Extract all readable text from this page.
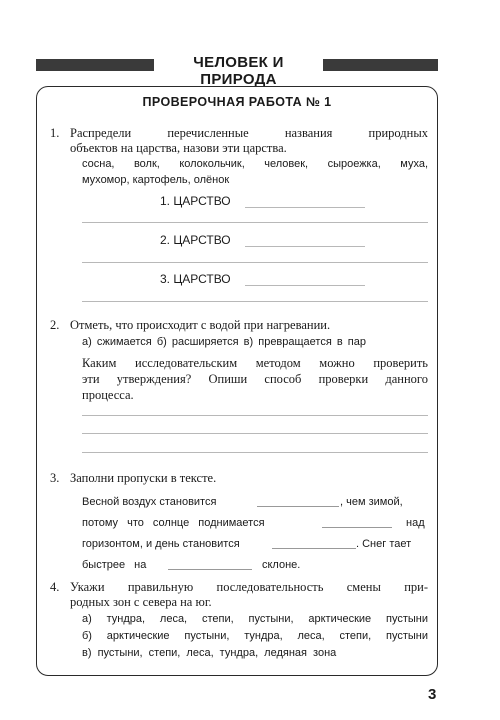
ЧЕЛОВЕК И ПРИРОДА
ПРОВЕРОЧНАЯ РАБОТА № 1
1. Распредели перечисленные названия природных
объектов на царства, назови эти царства.
сосна, волк, колокольчик, человек, сыроежка, муха,
мухомор, картофель, олёнок
1. ЦАРСТВО
2. ЦАРСТВО
3. ЦАРСТВО
2. Отметь, что происходит с водой при нагревании.
а) сжимается б) расширяется в) превращается в пар
Каким исследовательским методом можно проверить
эти утверждения? Опиши способ проверки данного
процесса.
3. Заполни пропуски в тексте.
Весной воздух становится	, чем зимой,
потому что солнце поднимается	над
горизонтом, и день становится	. Снег тает
быстрее на	склоне.
4. Укажи правильную последовательность смены при-
родных зон с севера на юг.
а) тундра, леса, степи, пустыни, арктические пустыни
б) арктические пустыни, тундра, леса, степи, пустыни
в) пустыни, степи, леса, тундра, ледяная зона
3
